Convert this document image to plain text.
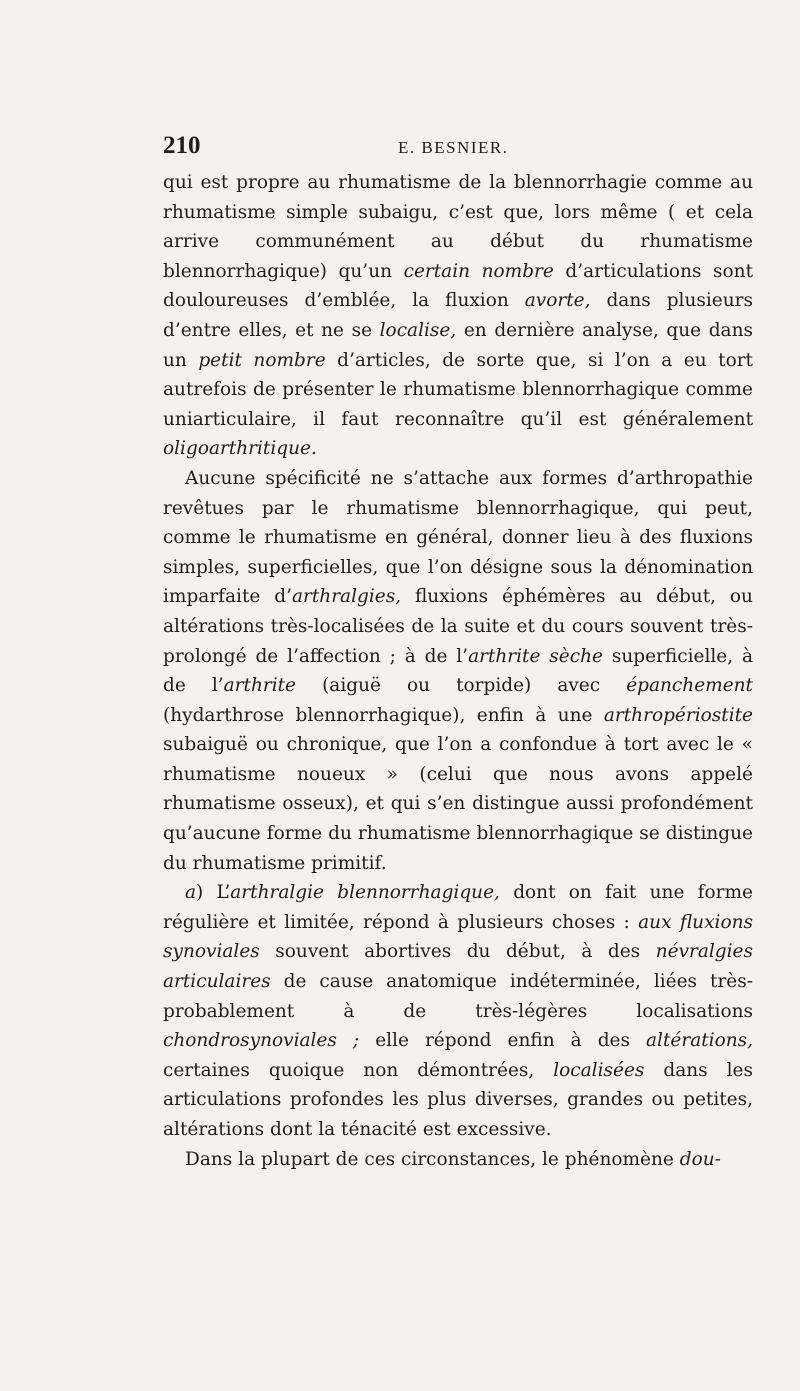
210	E. BESNIER.

qui est propre au rhumatisme de la blennorrhagie comme au rhumatisme simple subaigu, c’est que, lors même ( et cela arrive communément au début du rhumatisme blennorrhagique) qu’un certain nombre d’articulations sont douloureuses d’emblée, la fluxion avorte, dans plusieurs d’entre elles, et ne se localise, en dernière analyse, que dans un petit nombre d’articles, de sorte que, si l’on a eu tort autrefois de présenter le rhumatisme blennorrhagique comme uniarticulaire, il faut reconnaître qu’il est généralement oligoarthritique.

Aucune spécificité ne s’attache aux formes d’arthropathie revêtues par le rhumatisme blennorrhagique, qui peut, comme le rhumatisme en général, donner lieu à des fluxions simples, superficielles, que l’on désigne sous la dénomination imparfaite d’arthralgies, fluxions éphémères au début, ou altérations très-localisées de la suite et du cours souvent très-prolongé de l’affection ; à de l’arthrite sèche superficielle, à de l’arthrite (aiguë ou torpide) avec épanchement (hydarthrose blennorrhagique), enfin à une arthropériostite subaiguë ou chronique, que l’on a confondue à tort avec le « rhumatisme noueux » (celui que nous avons appelé rhumatisme osseux), et qui s’en distingue aussi profondément qu’aucune forme du rhumatisme blennorrhagique se distingue du rhumatisme primitif.

a) L’arthralgie blennorrhagique, dont on fait une forme régulière et limitée, répond à plusieurs choses : aux fluxions synoviales souvent abortives du début, à des névralgies articulaires de cause anatomique indéterminée, liées très-probablement à de très-légères localisations chondrosynoviales ; elle répond enfin à des altérations, certaines quoique non démontrées, localisées dans les articulations profondes les plus diverses, grandes ou petites, altérations dont la ténacité est excessive.

Dans la plupart de ces circonstances, le phénomène dou-
